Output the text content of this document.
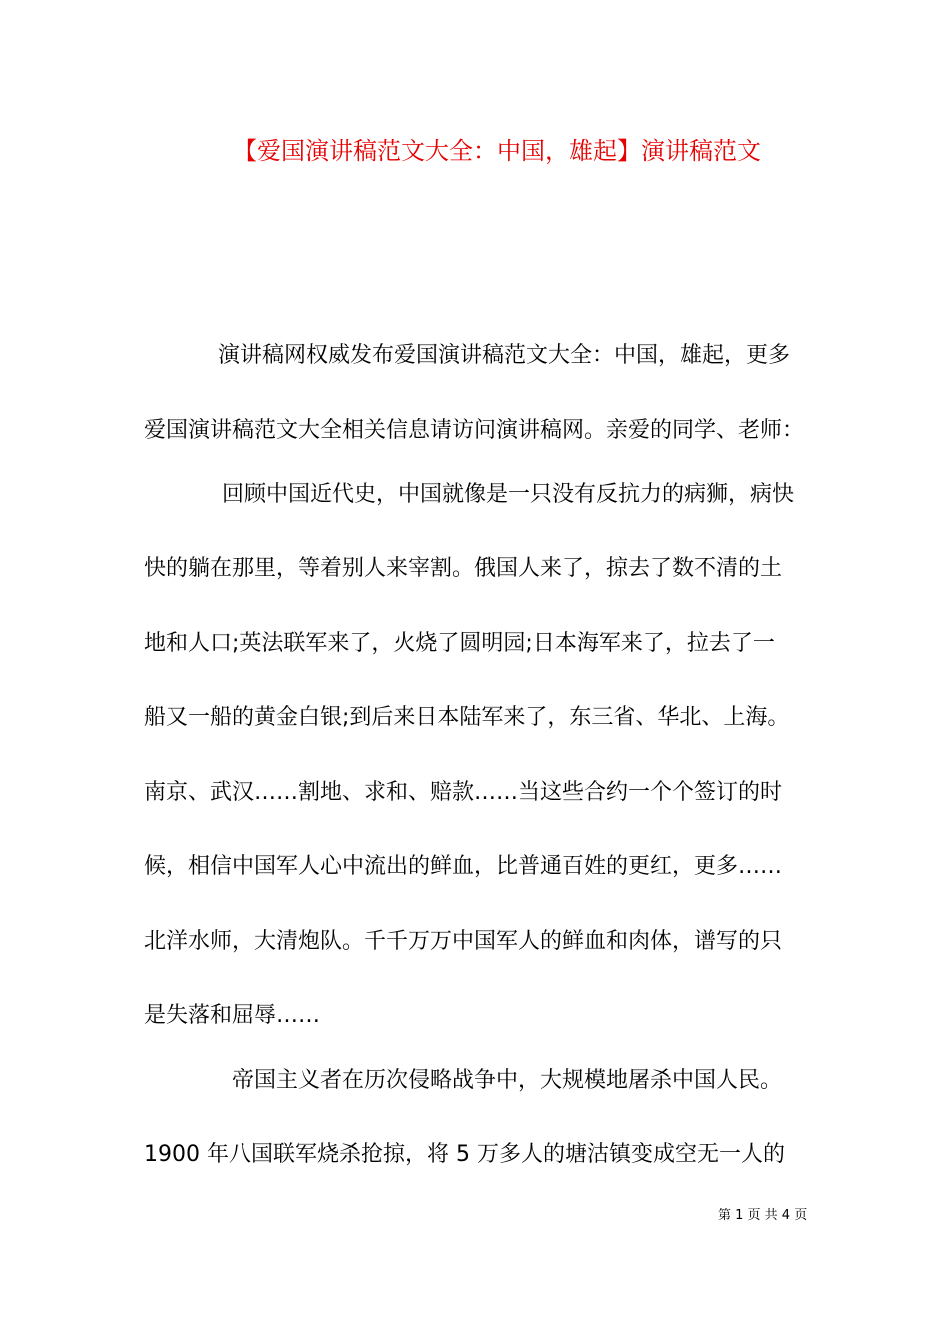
【爱国演讲稿范文大全：中国，雄起】演讲稿范文
演讲稿网权威发布爱国演讲稿范文大全：中国，雄起，更多
爱国演讲稿范文大全相关信息请访问演讲稿网。亲爱的同学、老师：
回顾中国近代史，中国就像是一只没有反抗力的病狮，病快
快的躺在那里，等着别人来宰割。俄国人来了，掠去了数不清的土
地和人口;英法联军来了，火烧了圆明园;日本海军来了，拉去了一
船又一船的黄金白银;到后来日本陆军来了，东三省、华北、上海。
南京、武汉……割地、求和、赔款……当这些合约一个个签订的时
候，相信中国军人心中流出的鲜血，比普通百姓的更红，更多……
北洋水师，大清炮队。千千万万中国军人的鲜血和肉体，谱写的只
是失落和屈辱……
帝国主义者在历次侵略战争中，大规模地屠杀中国人民。
1900 年八国联军烧杀抢掠，将 5 万多人的塘沽镇变成空无一人的
第 1 页 共 4 页
